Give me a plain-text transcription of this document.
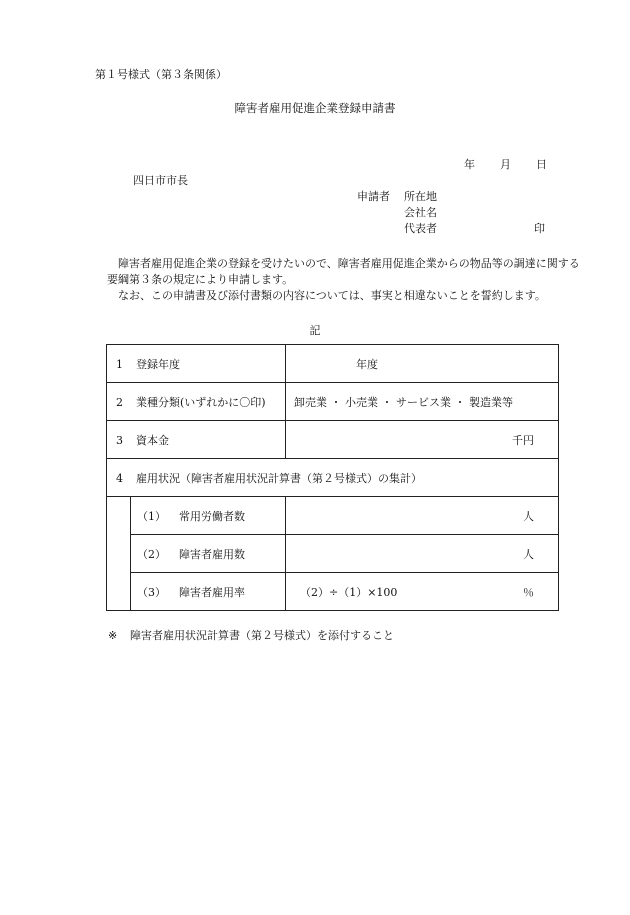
第１号様式（第３条関係）
障害者雇用促進企業登録申請書
年 月 日
四日市市長
申請者 所在地
会社名
代表者	印
障害者雇用促進企業の登録を受けたいので、障害者雇用促進企業からの物品等の調達に関する要綱第３条の規定により申請します。
なお、この申請書及び添付書類の内容については、事実と相違ないことを誓約します。
記
1 登録年度		年度
2 業種分類(いずれかに〇印)		卸売業 ・ 小売業 ・ サービス業 ・ 製造業等
3 資本金		千円
4 雇用状況（障害者雇用状況計算書（第２号様式）の集計）		
	（1） 常用労働者数	人
	（2） 障害者雇用数	人
	（3） 障害者雇用率	（2）÷（1）×100 ％
※ 障害者雇用状況計算書（第２号様式）を添付すること
